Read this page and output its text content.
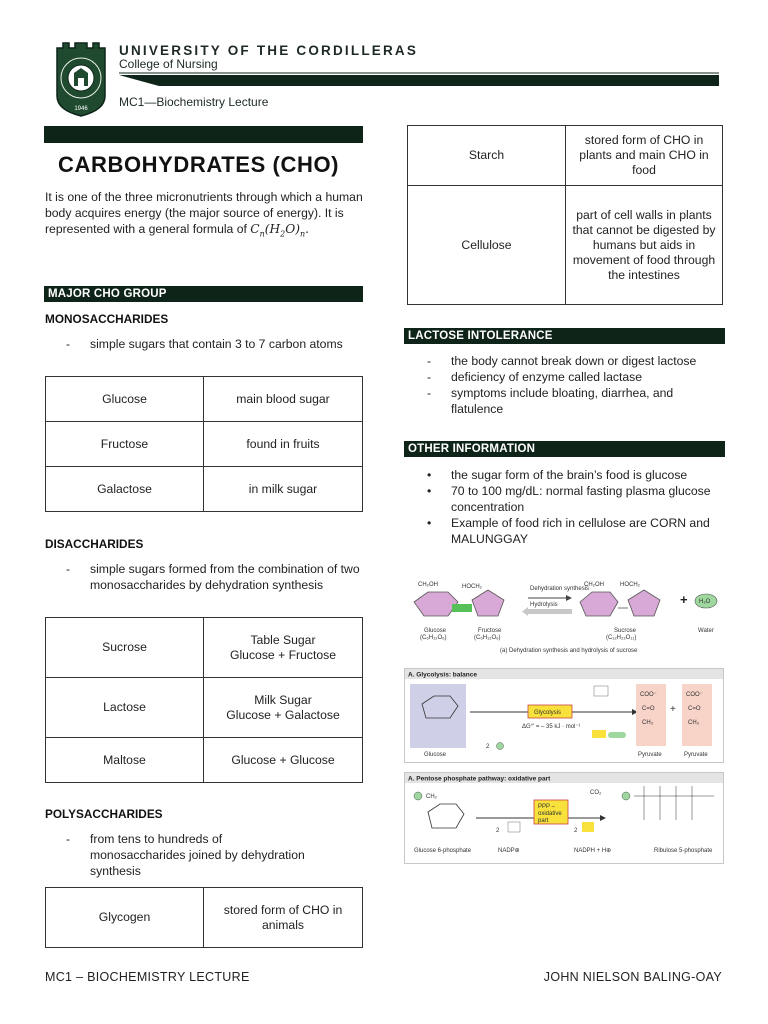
1946
UNIVERSITY OF THE CORDILLERAS
College of Nursing
MC1—Biochemistry Lecture
CARBOHYDRATES (CHO)
It is one of the three micronutrients through which a human body acquires energy (the major source of energy). It is represented with a general formula of $C_n(H_2O)_n$.
MAJOR CHO GROUP
MONOSACCHARIDES
- simple sugars that contain 3 to 7 carbon atoms
Glucose	main blood sugar
Fructose	found in fruits
Galactose	in milk sugar
DISACCHARIDES
- simple sugars formed from the combination of two monosaccharides by dehydration synthesis
Sucrose	Table Sugar
Glucose + Fructose

Lactose	Milk Sugar
Glucose + Galactose

Maltose	Glucose + Glucose
POLYSACCHARIDES
- from tens to hundreds of monosaccharides joined by dehydration synthesis
Glycogen	stored form of CHO in animals
Starch	stored form of CHO in plants and main CHO in food
Cellulose	part of cell walls in plants that cannot be digested by humans but aids in movement of food through the intestines
LACTOSE INTOLERANCE
- the body cannot break down or digest lactose
- deficiency of enzyme called lactase
- symptoms include bloating, diarrhea, and flatulence
OTHER INFORMATION
• the sugar form of the brain’s food is glucose
• 70 to 100 mg/dL: normal fasting plasma glucose concentration
• Example of food rich in cellulose are CORN and MALUNGGAY
CH₂OH	HOCH₂	Dehydration synthesis
Hydrolysis
CH₂OH	HOCH₂
+ H₂O
Glucose
(C₆H₁₂O₆)
Fructose
(C₆H₁₂O₆)
Sucrose
(C₁₂H₂₂O₁₁)
Water
(a) Dehydration synthesis and hydrolysis of sucrose
A. Glycolysis: balance
Glucose
Glycolysis
ΔG°′ = – 35 kJ · mol⁻¹
2
COO⁻
C=O
CH₃
COO⁻
C=O
CH₃
+
Pyruvate	Pyruvate
A. Pentose phosphate pathway: oxidative part
CH₂
Glucose 6-phosphate
PPP –
oxidative
part
CO₂
2	2
NADP⊕	NADPH + H⊕	Ribulose 5-phosphate
MC1 – BIOCHEMISTRY LECTURE	JOHN NIELSON BALING-OAY
